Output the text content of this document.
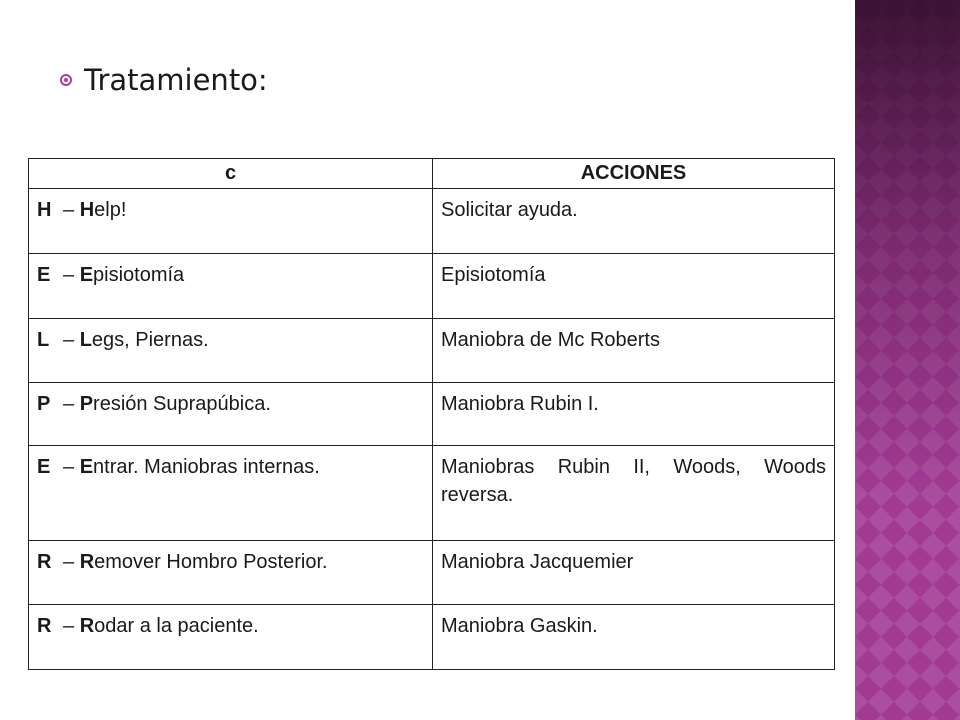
Tratamiento:
c	ACCIONES
H – Help!	Solicitar ayuda.
E – Episiotomía	Episiotomía
L – Legs, Piernas.	Maniobra de Mc Roberts
P – Presión Suprapúbica.	Maniobra Rubin I.
E – Entrar. Maniobras internas.	Maniobras Rubin II, Woods, Woods reversa.
R – Remover Hombro Posterior.	Maniobra Jacquemier
R – Rodar a la paciente.	Maniobra Gaskin.
